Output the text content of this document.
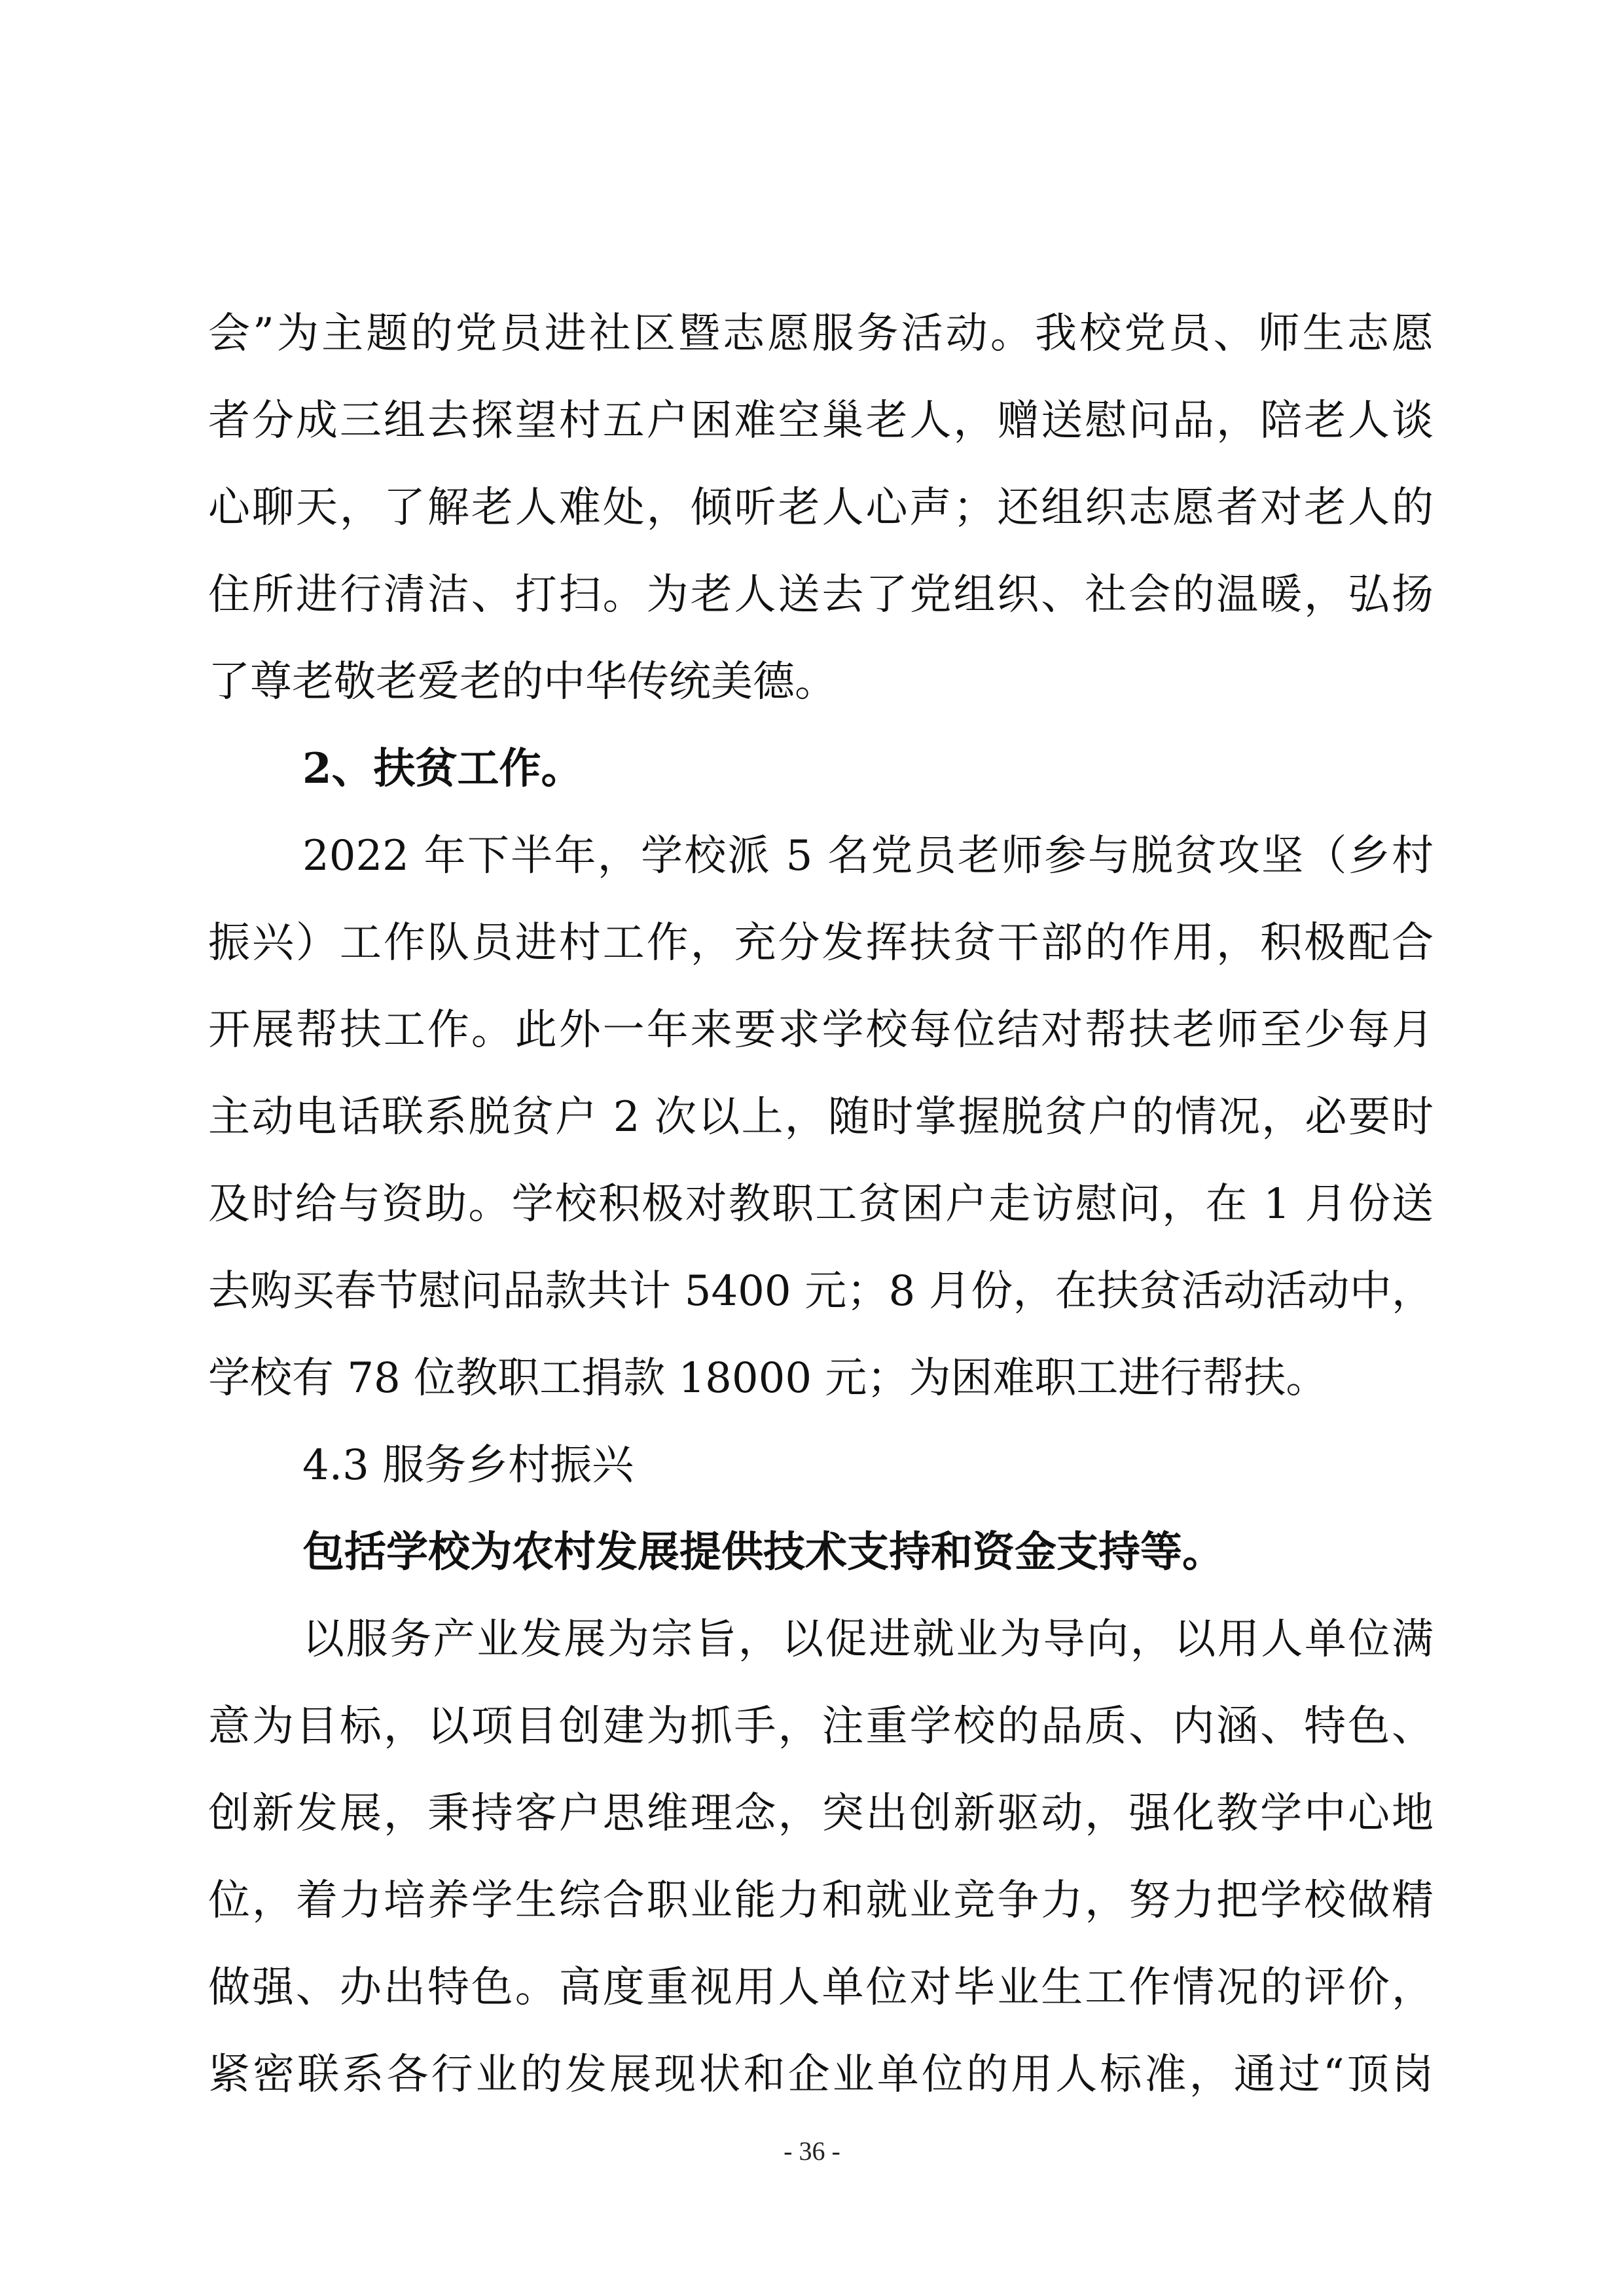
会”为主题的党员进社区暨志愿服务活动。我校党员、师生志愿
者分成三组去探望村五户困难空巢老人，赠送慰问品，陪老人谈
心聊天，了解老人难处，倾听老人心声；还组织志愿者对老人的
住所进行清洁、打扫。为老人送去了党组织、社会的温暖，弘扬
了尊老敬老爱老的中华传统美德。
2、扶贫工作。
2022 年下半年，学校派 5 名党员老师参与脱贫攻坚（乡村
振兴）工作队员进村工作，充分发挥扶贫干部的作用，积极配合
开展帮扶工作。此外一年来要求学校每位结对帮扶老师至少每月
主动电话联系脱贫户 2 次以上，随时掌握脱贫户的情况，必要时
及时给与资助。学校积极对教职工贫困户走访慰问，在 1 月份送
去购买春节慰问品款共计 5400 元；8 月份，在扶贫活动活动中，
学校有 78 位教职工捐款 18000 元；为困难职工进行帮扶。
4.3 服务乡村振兴
包括学校为农村发展提供技术支持和资金支持等。
以服务产业发展为宗旨，以促进就业为导向，以用人单位满
意为目标，以项目创建为抓手，注重学校的品质、内涵、特色、
创新发展，秉持客户思维理念，突出创新驱动，强化教学中心地
位，着力培养学生综合职业能力和就业竞争力，努力把学校做精
做强、办出特色。高度重视用人单位对毕业生工作情况的评价，
紧密联系各行业的发展现状和企业单位的用人标准，通过“顶岗
- 36 -
